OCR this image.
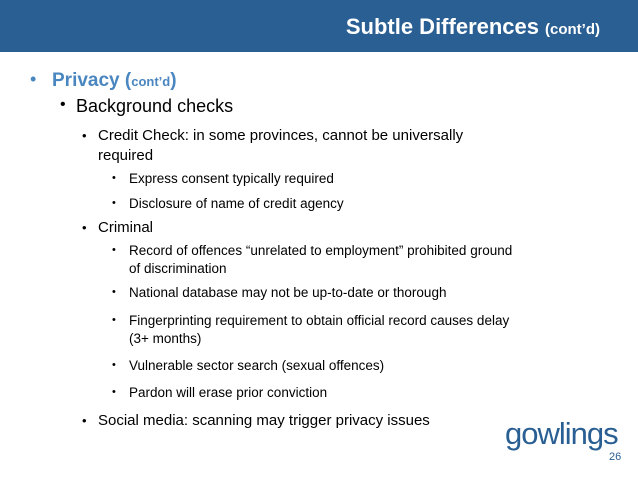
Subtle Differences (cont’d)
• Privacy (cont’d)
• Background checks
• Credit Check: in some provinces, cannot be universally
required
• Express consent typically required
• Disclosure of name of credit agency
• Criminal
• Record of offences “unrelated to employment” prohibited ground
of discrimination
• National database may not be up-to-date or thorough
• Fingerprinting requirement to obtain official record causes delay
(3+ months)
• Vulnerable sector search (sexual offences)
• Pardon will erase prior conviction
• Social media: scanning may trigger privacy issues gowlings
26
